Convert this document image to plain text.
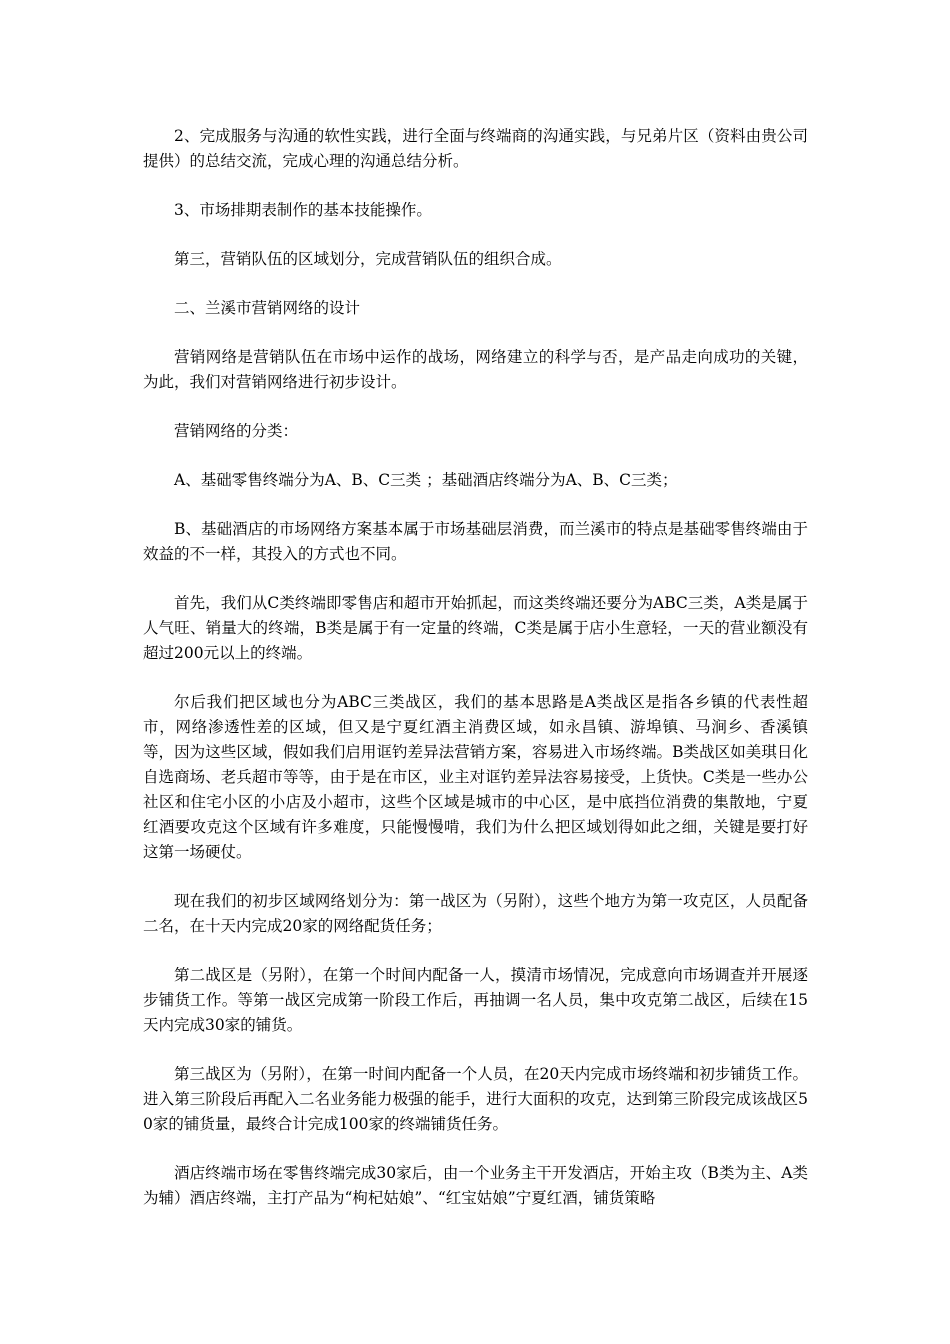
2、完成服务与沟通的软性实践，进行全面与终端商的沟通实践，与兄弟片区（资料由贵公司提供）的总结交流，完成心理的沟通总结分析。

3、市场排期表制作的基本技能操作。

第三，营销队伍的区域划分，完成营销队伍的组织合成。

二、兰溪市营销网络的设计

营销网络是营销队伍在市场中运作的战场，网络建立的科学与否，是产品走向成功的关键，为此，我们对营销网络进行初步设计。

营销网络的分类：

A、基础零售终端分为A、B、C三类 ；基础酒店终端分为A、B、C三类；

B、基础酒店的市场网络方案基本属于市场基础层消费，而兰溪市的特点是基础零售终端由于效益的不一样，其投入的方式也不同。

首先，我们从C类终端即零售店和超市开始抓起，而这类终端还要分为ABC三类，A类是属于人气旺、销量大的终端，B类是属于有一定量的终端，C类是属于店小生意轻，一天的营业额没有超过200元以上的终端。

尔后我们把区域也分为ABC三类战区，我们的基本思路是A类战区是指各乡镇的代表性超市，网络渗透性差的区域，但又是宁夏红酒主消费区域，如永昌镇、游埠镇、马涧乡、香溪镇等，因为这些区域，假如我们启用诓钓差异法营销方案，容易进入市场终端。B类战区如美琪日化自选商场、老兵超市等等，由于是在市区，业主对诓钓差异法容易接受，上货快。C类是一些办公社区和住宅小区的小店及小超市，这些个区域是城市的中心区，是中底挡位消费的集散地，宁夏红酒要攻克这个区域有许多难度，只能慢慢啃，我们为什么把区域划得如此之细，关键是要打好这第一场硬仗。

现在我们的初步区域网络划分为：第一战区为（另附），这些个地方为第一攻克区，人员配备二名，在十天内完成20家的网络配货任务；

第二战区是（另附），在第一个时间内配备一人，摸清市场情况，完成意向市场调查并开展逐步铺货工作。等第一战区完成第一阶段工作后，再抽调一名人员，集中攻克第二战区，后续在15天内完成30家的铺货。

第三战区为（另附），在第一时间内配备一个人员，在20天内完成市场终端和初步铺货工作。进入第三阶段后再配入二名业务能力极强的能手，进行大面积的攻克，达到第三阶段完成该战区50家的铺货量，最终合计完成100家的终端铺货任务。

酒店终端市场在零售终端完成30家后，由一个业务主干开发酒店，开始主攻（B类为主、A类为辅）酒店终端，主打产品为“枸杞姑娘”、“红宝姑娘”宁夏红酒，铺货策略
